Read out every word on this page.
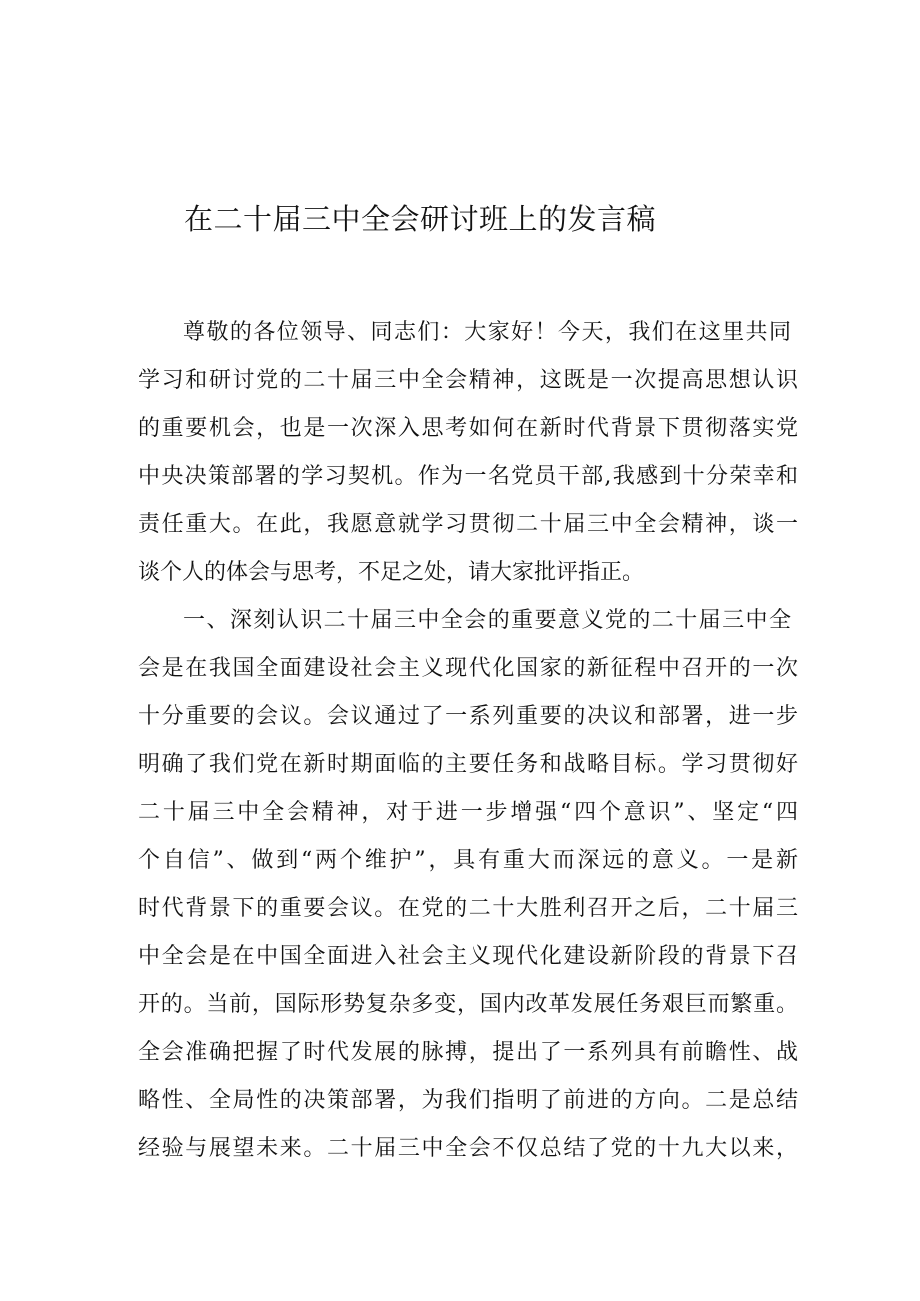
在二十届三中全会研讨班上的发言稿
尊敬的各位领导、同志们：大家好！今天，我们在这里共同
学习和研讨党的二十届三中全会精神，这既是一次提高思想认识
的重要机会，也是一次深入思考如何在新时代背景下贯彻落实党
中央决策部署的学习契机。作为一名党员干部,我感到十分荣幸和
责任重大。在此，我愿意就学习贯彻二十届三中全会精神，谈一
谈个人的体会与思考，不足之处，请大家批评指正。
一、深刻认识二十届三中全会的重要意义党的二十届三中全
会是在我国全面建设社会主义现代化国家的新征程中召开的一次
十分重要的会议。会议通过了一系列重要的决议和部署，进一步
明确了我们党在新时期面临的主要任务和战略目标。学习贯彻好
二十届三中全会精神，对于进一步增强“四个意识”、坚定“四
个自信”、做到“两个维护”，具有重大而深远的意义。一是新
时代背景下的重要会议。在党的二十大胜利召开之后，二十届三
中全会是在中国全面进入社会主义现代化建设新阶段的背景下召
开的。当前，国际形势复杂多变，国内改革发展任务艰巨而繁重。
全会准确把握了时代发展的脉搏，提出了一系列具有前瞻性、战
略性、全局性的决策部署，为我们指明了前进的方向。二是总结
经验与展望未来。二十届三中全会不仅总结了党的十九大以来，
